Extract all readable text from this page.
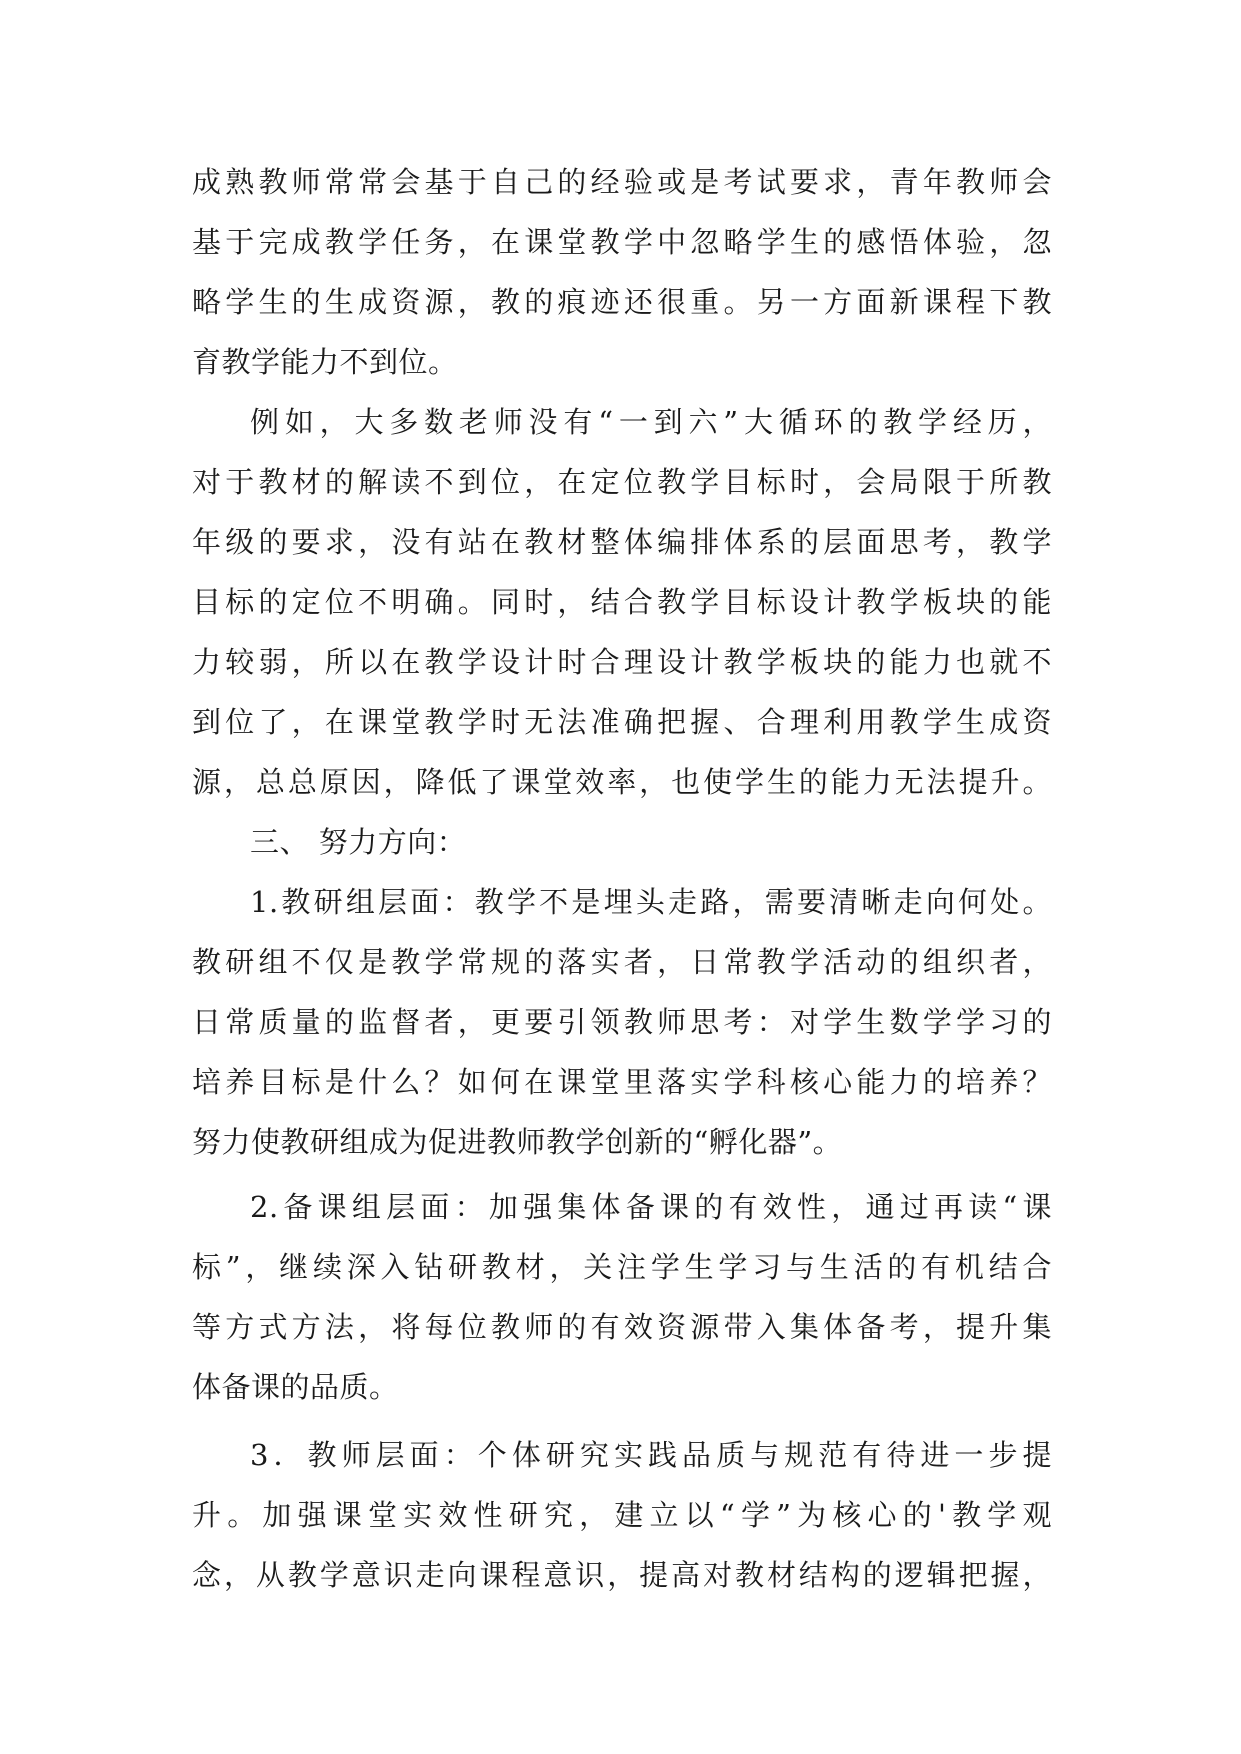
成熟教师常常会基于自己的经验或是考试要求，青年教师会
基于完成教学任务，在课堂教学中忽略学生的感悟体验，忽
略学生的生成资源，教的痕迹还很重。另一方面新课程下教
育教学能力不到位。
例如，大多数老师没有“一到六”大循环的教学经历，
对于教材的解读不到位，在定位教学目标时，会局限于所教
年级的要求，没有站在教材整体编排体系的层面思考，教学
目标的定位不明确。同时，结合教学目标设计教学板块的能
力较弱，所以在教学设计时合理设计教学板块的能力也就不
到位了，在课堂教学时无法准确把握、合理利用教学生成资
源，总总原因，降低了课堂效率，也使学生的能力无法提升。
三、 努力方向：
1.教研组层面：教学不是埋头走路，需要清晰走向何处。
教研组不仅是教学常规的落实者，日常教学活动的组织者，
日常质量的监督者，更要引领教师思考：对学生数学学习的
培养目标是什么？如何在课堂里落实学科核心能力的培养？
努力使教研组成为促进教师教学创新的“孵化器”。
2.备课组层面：加强集体备课的有效性，通过再读“课
标”，继续深入钻研教材，关注学生学习与生活的有机结合
等方式方法，将每位教师的有效资源带入集体备考，提升集
体备课的品质。
3．教师层面：个体研究实践品质与规范有待进一步提
升。加强课堂实效性研究，建立以“学”为核心的'教学观
念，从教学意识走向课程意识，提高对教材结构的逻辑把握，
